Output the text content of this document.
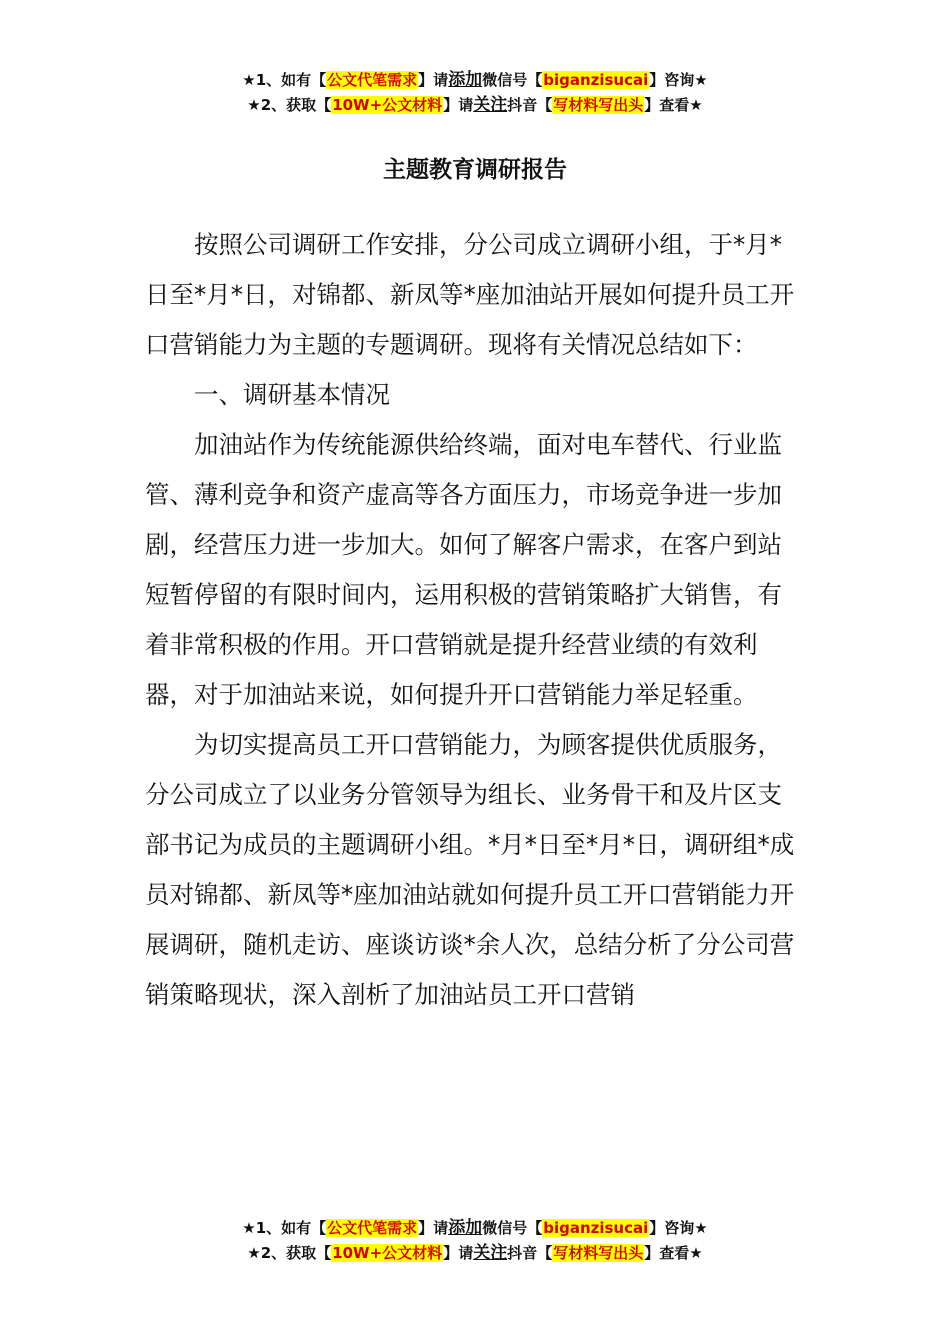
★1、如有【公文代笔需求】请添加微信号【biganzisucai】咨询★
★2、获取【10W+公文材料】请关注抖音【写材料写出头】查看★
主题教育调研报告

按照公司调研工作安排，分公司成立调研小组，于*月*日至*月*日，对锦都、新凤等*座加油站开展如何提升员工开口营销能力为主题的专题调研。现将有关情况总结如下：

一、调研基本情况

加油站作为传统能源供给终端，面对电车替代、行业监管、薄利竞争和资产虚高等各方面压力，市场竞争进一步加剧，经营压力进一步加大。如何了解客户需求，在客户到站短暂停留的有限时间内，运用积极的营销策略扩大销售，有着非常积极的作用。开口营销就是提升经营业绩的有效利器，对于加油站来说，如何提升开口营销能力举足轻重。

为切实提高员工开口营销能力，为顾客提供优质服务，分公司成立了以业务分管领导为组长、业务骨干和及片区支部书记为成员的主题调研小组。*月*日至*月*日，调研组*成员对锦都、新凤等*座加油站就如何提升员工开口营销能力开展调研，随机走访、座谈访谈*余人次，总结分析了分公司营销策略现状，深入剖析了加油站员工开口营销

★1、如有【公文代笔需求】请添加微信号【biganzisucai】咨询★
★2、获取【10W+公文材料】请关注抖音【写材料写出头】查看★
